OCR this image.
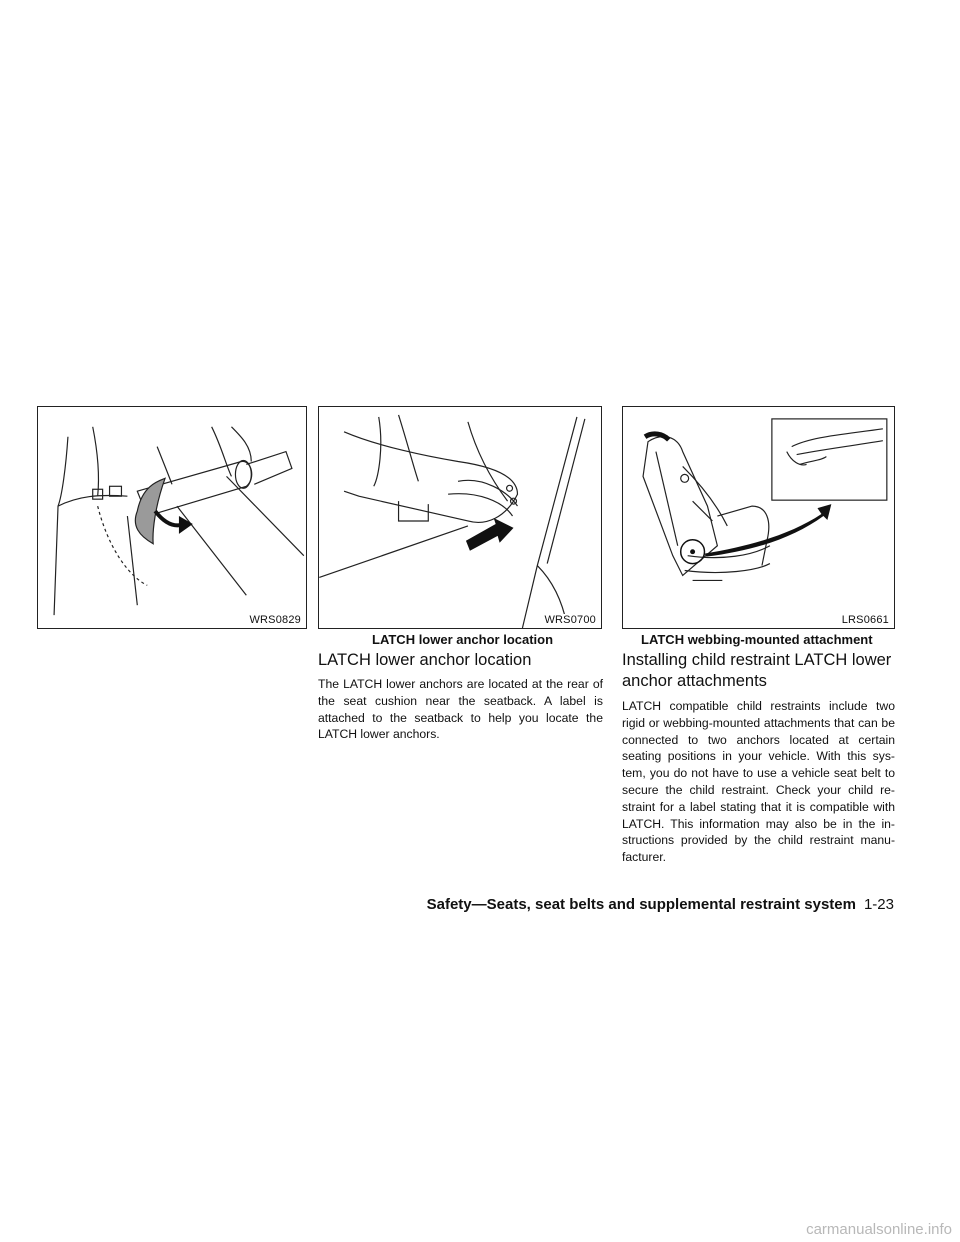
WRS0829	WRS0700
LATCH lower anchor location
LRS0661
LATCH webbing-mounted attachment
LATCH lower anchor location

The LATCH lower anchors are located at the rear of the seat cushion near the seatback. A label is attached to the seatback to help you locate the LATCH lower anchors.

Installing child restraint LATCH lower anchor attachments

LATCH compatible child restraints include two rigid or webbing-mounted attachments that can be connected to two anchors located at certain seating positions in your vehicle. With this sys- tem, you do not have to use a vehicle seat belt to secure the child restraint. Check your child re- straint for a label stating that it is compatible with LATCH. This information may also be in the in- structions provided by the child restraint manu- facturer.

Safety—Seats, seat belts and supplemental restraint system 1-23
carmanualsonline.info
